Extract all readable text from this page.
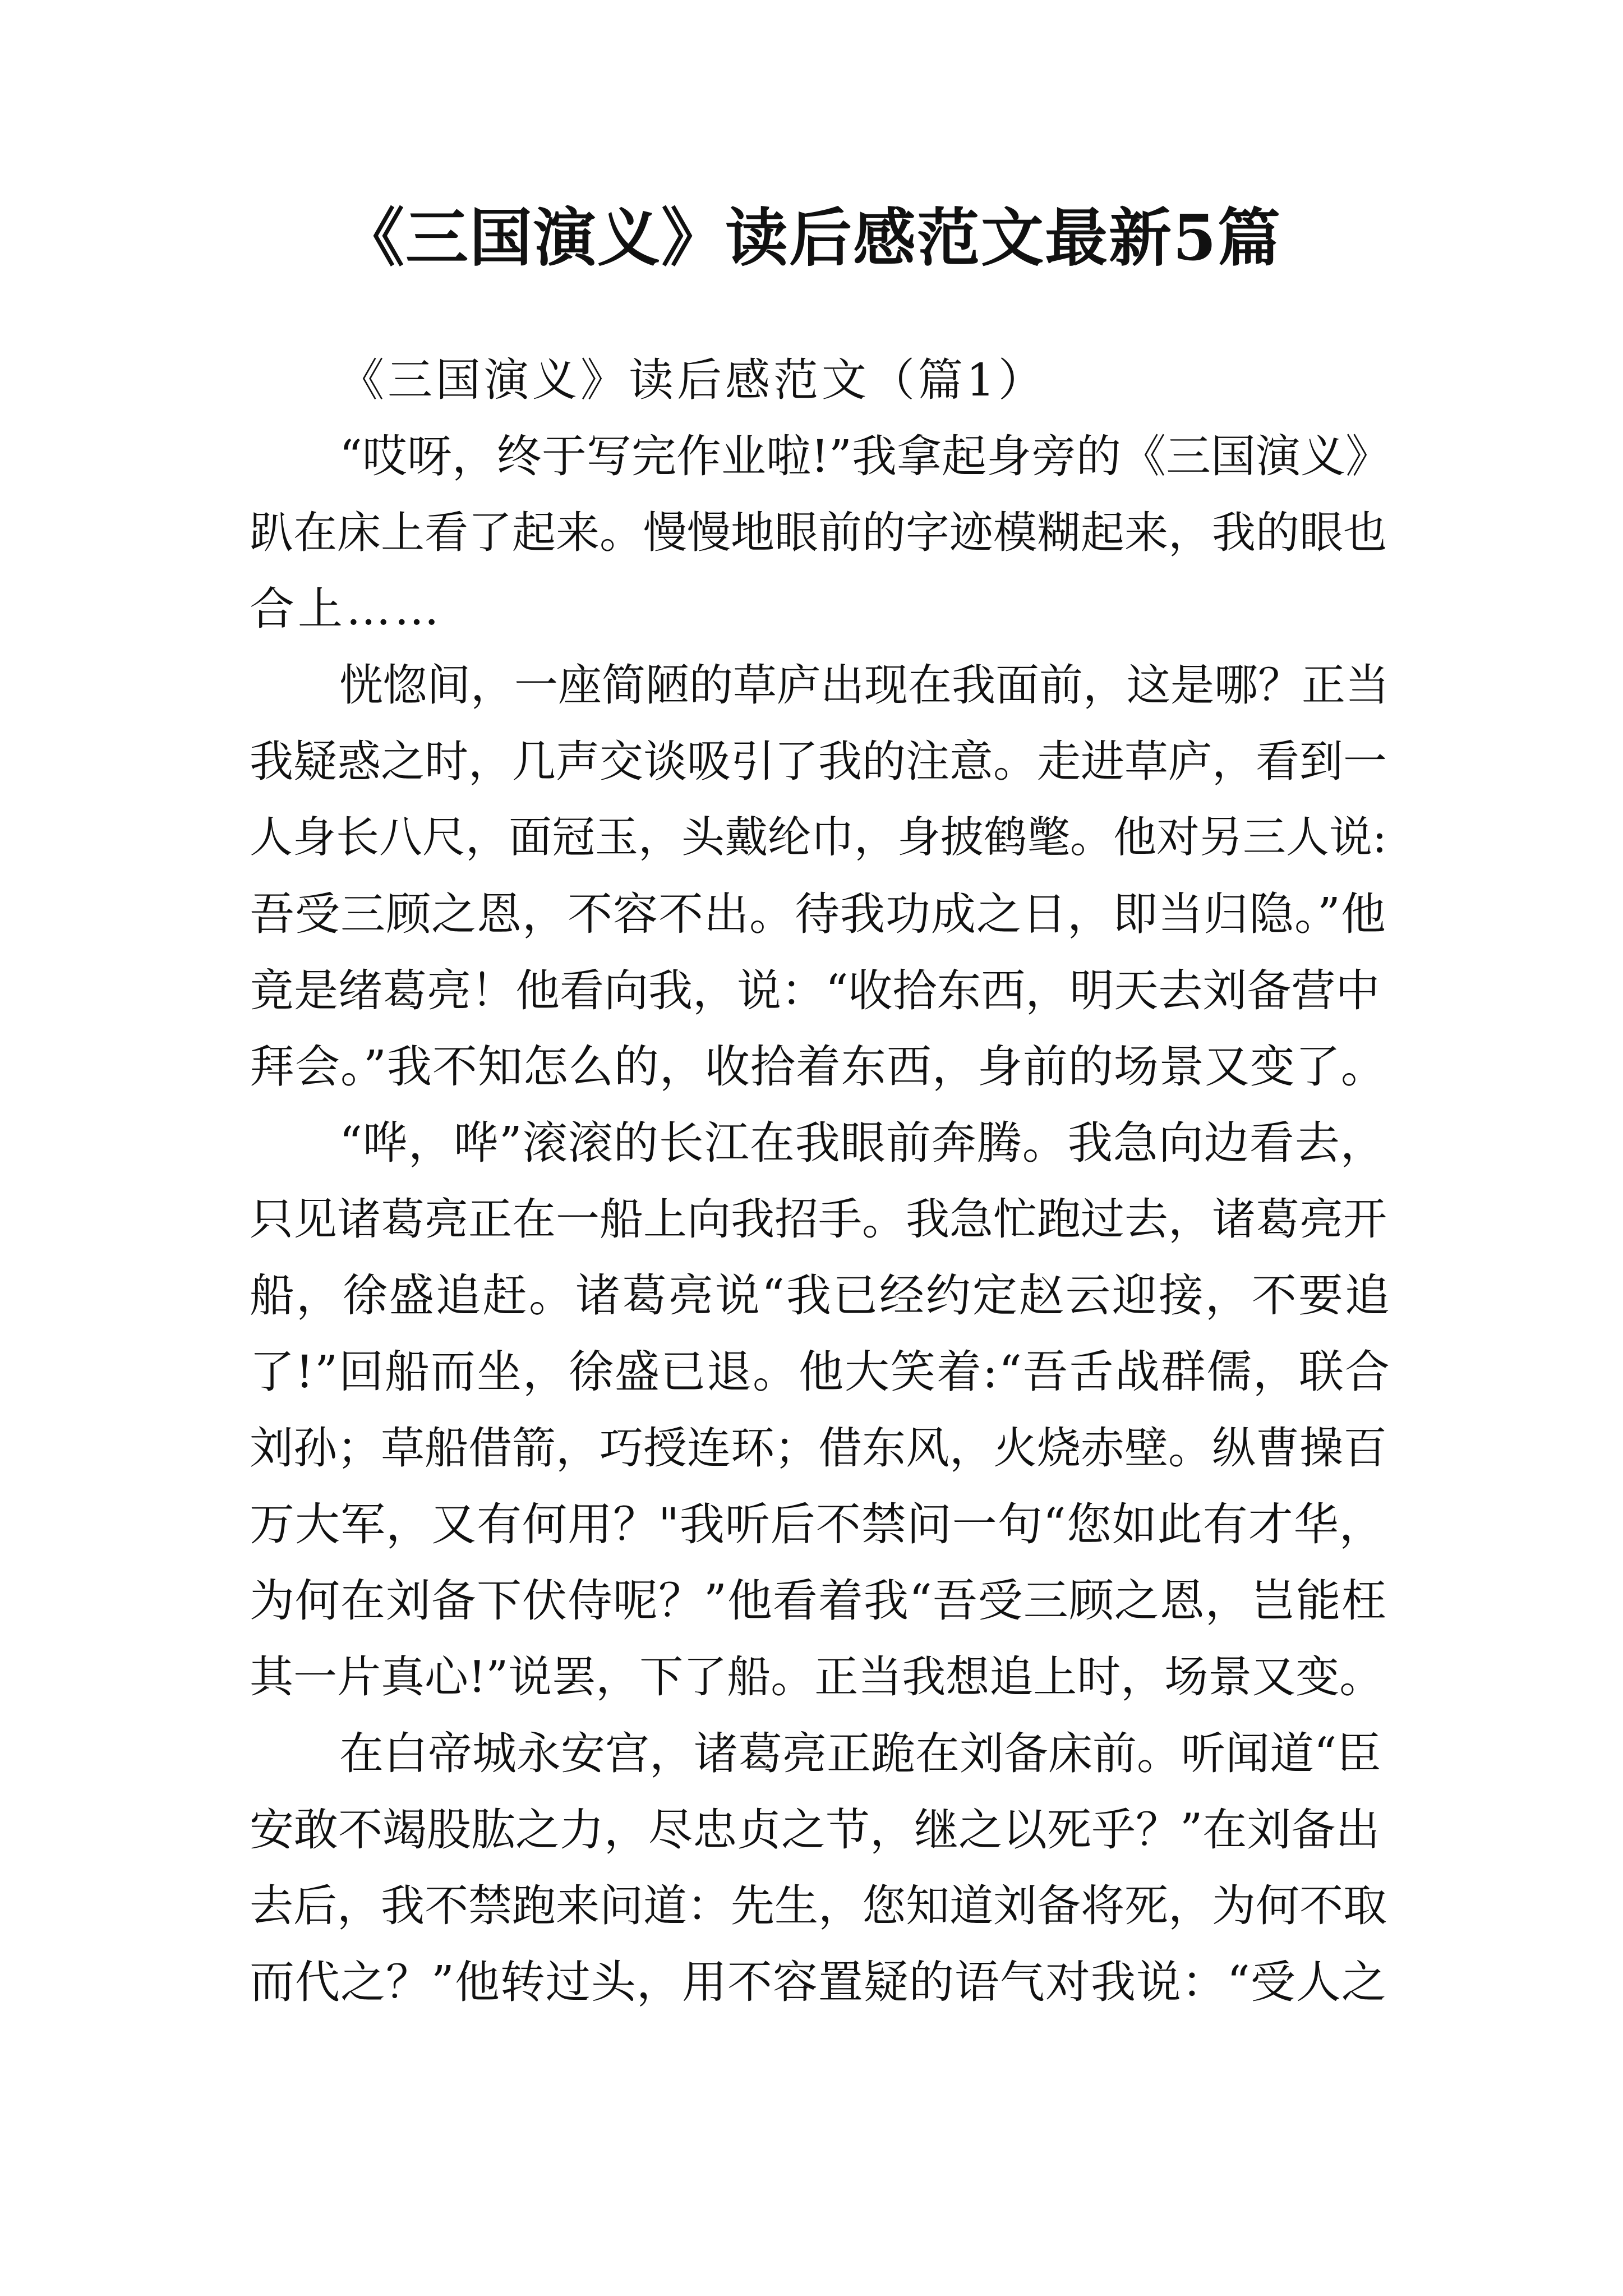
《三国演义》读后感范文最新5篇
《三国演义》读后感范文（篇1）
“哎呀，终于写完作业啦!”我拿起身旁的《三国演义》
趴在床上看了起来。慢慢地眼前的字迹模糊起来，我的眼也
合上……
恍惚间，一座简陋的草庐出现在我面前，这是哪？正当
我疑惑之时，几声交谈吸引了我的注意。走进草庐，看到一
人身长八尺，面冠玉，头戴纶巾，身披鹤氅。他对另三人说:
吾受三顾之恩，不容不出。待我功成之日，即当归隐。”他
竟是绪葛亮！他看向我，说：“收拾东西，明天去刘备营中
拜会。”我不知怎么的，收拾着东西，身前的场景又变了。
“哗，哗”滚滚的长江在我眼前奔腾。我急向边看去，
只见诸葛亮正在一船上向我招手。我急忙跑过去，诸葛亮开
船，徐盛追赶。诸葛亮说“我已经约定赵云迎接，不要追
了!”回船而坐，徐盛已退。他大笑着:“吾舌战群儒，联合
刘孙；草船借箭，巧授连环；借东风，火烧赤壁。纵曹操百
万大军，又有何用？"我听后不禁问一句“您如此有才华，
为何在刘备下伏侍呢？”他看着我“吾受三顾之恩，岂能枉
其一片真心!”说罢，下了船。正当我想追上时，场景又变。
在白帝城永安宫，诸葛亮正跪在刘备床前。听闻道“臣
安敢不竭股肱之力，尽忠贞之节，继之以死乎？”在刘备出
去后，我不禁跑来问道：先生，您知道刘备将死，为何不取
而代之？”他转过头，用不容置疑的语气对我说：“受人之
